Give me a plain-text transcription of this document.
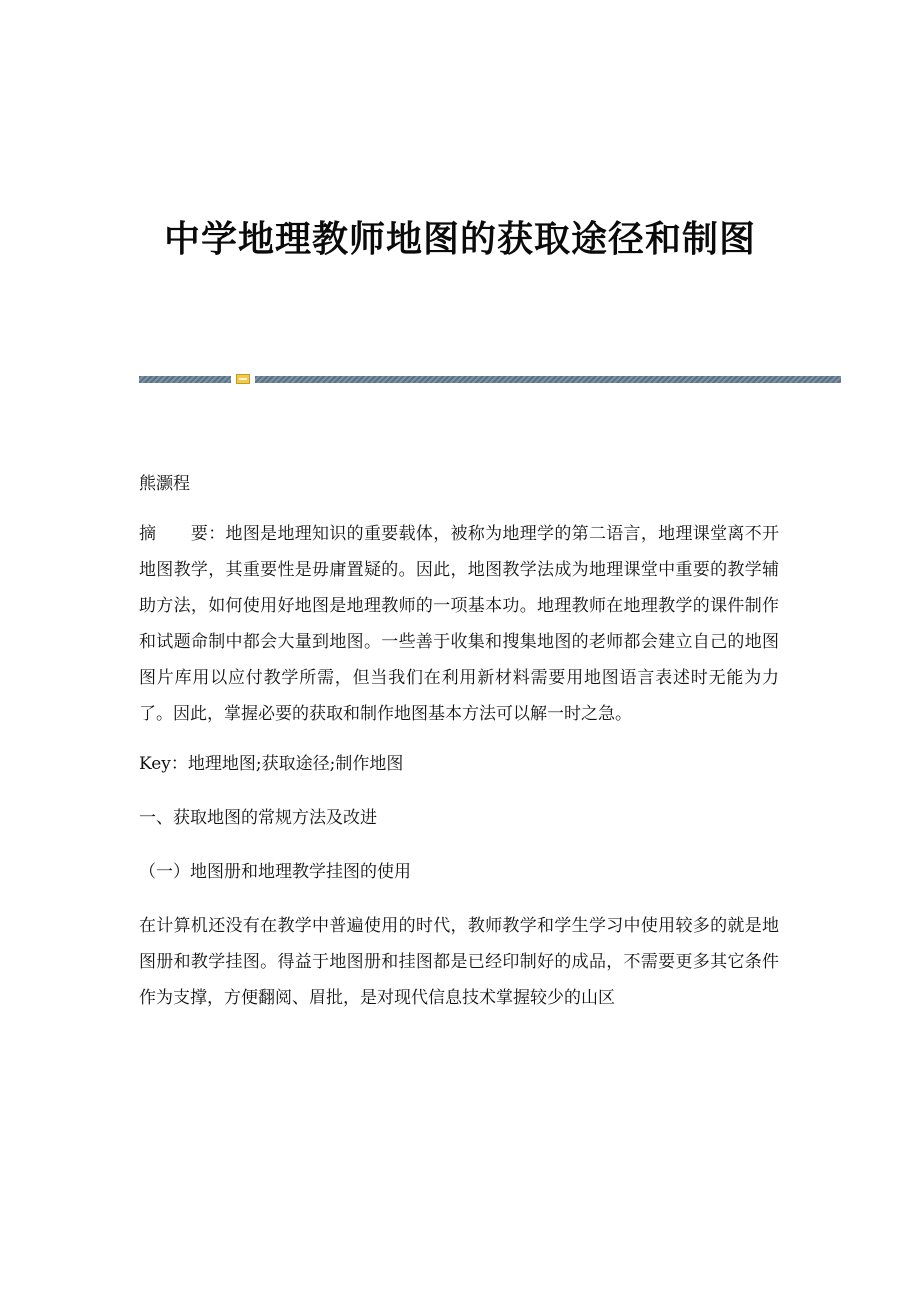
中学地理教师地图的获取途径和制图

熊灏程

摘　　要：地图是地理知识的重要载体，被称为地理学的第二语言，地理课堂离不开地图教学，其重要性是毋庸置疑的。因此，地图教学法成为地理课堂中重要的教学辅助方法，如何使用好地图是地理教师的一项基本功。地理教师在地理教学的课件制作和试题命制中都会大量到地图。一些善于收集和搜集地图的老师都会建立自己的地图图片库用以应付教学所需，但当我们在利用新材料需要用地图语言表述时无能为力了。因此，掌握必要的获取和制作地图基本方法可以解一时之急。

Key：地理地图;获取途径;制作地图

一、获取地图的常规方法及改进

（一）地图册和地理教学挂图的使用

在计算机还没有在教学中普遍使用的时代，教师教学和学生学习中使用较多的就是地图册和教学挂图。得益于地图册和挂图都是已经印制好的成品，不需要更多其它条件作为支撑，方便翻阅、眉批，是对现代信息技术掌握较少的山区
